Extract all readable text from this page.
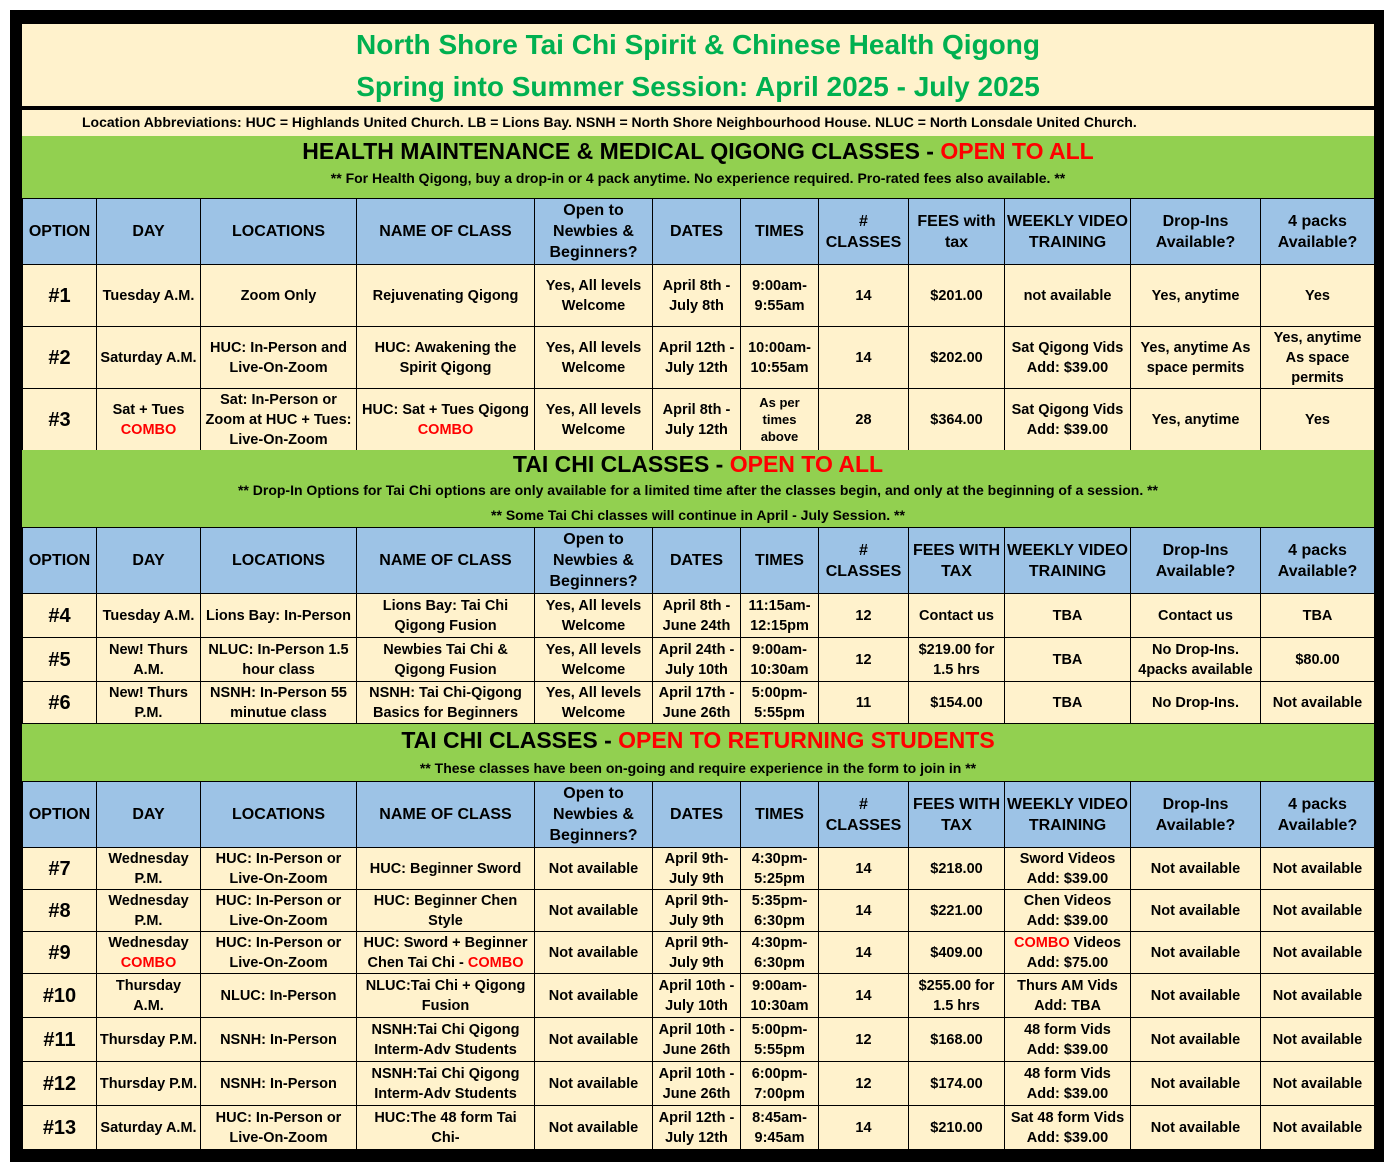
North Shore Tai Chi Spirit & Chinese Health Qigong
Spring into Summer Session: April 2025 - July 2025
Location Abbreviations: HUC = Highlands United Church. LB = Lions Bay. NSNH = North Shore Neighbourhood House. NLUC = North Lonsdale United Church.
HEALTH MAINTENANCE & MEDICAL QIGONG CLASSES - OPEN TO ALL
** For Health Qigong, buy a drop-in or 4 pack anytime. No experience required. Pro-rated fees also available. **
OPTION	DAY	LOCATIONS	NAME OF CLASS	Open to Newbies & Beginners?	DATES	TIMES	# CLASSES	FEES with tax	WEEKLY VIDEO TRAINING	Drop-Ins Available?	4 packs Available?
#1	Tuesday A.M.	Zoom Only	Rejuvenating Qigong	Yes, All levels Welcome	April 8th - July 8th	9:00am-9:55am	14	$201.00	not available	Yes, anytime	Yes
#2	Saturday A.M.	HUC: In-Person and Live-On-Zoom	HUC: Awakening the Spirit Qigong	Yes, All levels Welcome	April 12th - July 12th	10:00am-10:55am	14	$202.00	Sat Qigong Vids Add: $39.00	Yes, anytime As space permits	Yes, anytime As space permits
#3	Sat + Tues COMBO	Sat: In-Person or Zoom at HUC + Tues: Live-On-Zoom	HUC: Sat + Tues Qigong COMBO	Yes, All levels Welcome	April 8th - July 12th	As per times above	28	$364.00	Sat Qigong Vids Add: $39.00	Yes, anytime	Yes
TAI CHI CLASSES - OPEN TO ALL
** Drop-In Options for Tai Chi options are only available for a limited time after the classes begin, and only at the beginning of a session. **
** Some Tai Chi classes will continue in April - July Session. **
OPTION	DAY	LOCATIONS	NAME OF CLASS	Open to Newbies & Beginners?	DATES	TIMES	# CLASSES	FEES WITH TAX	WEEKLY VIDEO TRAINING	Drop-Ins Available?	4 packs Available?
#4	Tuesday A.M.	Lions Bay: In-Person	Lions Bay: Tai Chi Qigong Fusion	Yes, All levels Welcome	April 8th - June 24th	11:15am-12:15pm	12	Contact us	TBA	Contact us	TBA
#5	New! Thurs A.M.	NLUC: In-Person 1.5 hour class	Newbies Tai Chi & Qigong Fusion	Yes, All levels Welcome	April 24th - July 10th	9:00am-10:30am	12	$219.00 for 1.5 hrs	TBA	No Drop-Ins. 4packs available	$80.00
#6	New! Thurs P.M.	NSNH: In-Person 55 minutue class	NSNH: Tai Chi-Qigong Basics for Beginners	Yes, All levels Welcome	April 17th - June 26th	5:00pm-5:55pm	11	$154.00	TBA	No Drop-Ins.	Not available
TAI CHI CLASSES - OPEN TO RETURNING STUDENTS
** These classes have been on-going and require experience in the form to join in **
OPTION	DAY	LOCATIONS	NAME OF CLASS	Open to Newbies & Beginners?	DATES	TIMES	# CLASSES	FEES WITH TAX	WEEKLY VIDEO TRAINING	Drop-Ins Available?	4 packs Available?
#7	Wednesday P.M.	HUC: In-Person or Live-On-Zoom	HUC: Beginner Sword	Not available	April 9th- July 9th	4:30pm-5:25pm	14	$218.00	Sword Videos Add: $39.00	Not available	Not available
#8	Wednesday P.M.	HUC: In-Person or Live-On-Zoom	HUC: Beginner Chen Style	Not available	April 9th- July 9th	5:35pm-6:30pm	14	$221.00	Chen Videos Add: $39.00	Not available	Not available
#9	Wednesday COMBO	HUC: In-Person or Live-On-Zoom	HUC: Sword + Beginner Chen Tai Chi - COMBO	Not available	April 9th- July 9th	4:30pm-6:30pm	14	$409.00	COMBO Videos Add: $75.00	Not available	Not available
#10	Thursday A.M.	NLUC: In-Person	NLUC:Tai Chi + Qigong Fusion	Not available	April 10th - July 10th	9:00am-10:30am	14	$255.00 for 1.5 hrs	Thurs AM Vids Add: TBA	Not available	Not available
#11	Thursday P.M.	NSNH: In-Person	NSNH:Tai Chi Qigong Interm-Adv Students	Not available	April 10th - June 26th	5:00pm-5:55pm	12	$168.00	48 form Vids Add: $39.00	Not available	Not available
#12	Thursday P.M.	NSNH: In-Person	NSNH:Tai Chi Qigong Interm-Adv Students	Not available	April 10th - June 26th	6:00pm-7:00pm	12	$174.00	48 form Vids Add: $39.00	Not available	Not available
#13	Saturday A.M.	HUC: In-Person or Live-On-Zoom	HUC:The 48 form Tai Chi-	Not available	April 12th - July 12th	8:45am-9:45am	14	$210.00	Sat 48 form Vids Add: $39.00	Not available	Not available
